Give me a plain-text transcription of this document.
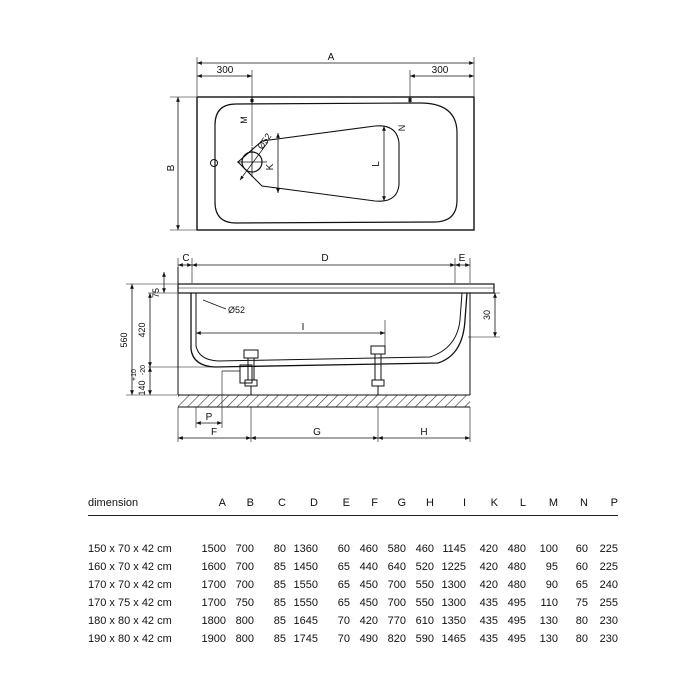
A
300	300
B
M
N
K	L
Ø52
C	D	E
75
420
560
140
+10 -20
30
Ø52
I
P
F	G	H
dimension	A	B	C	D	E	F	G	H	I	K	L	M	N	P
150 x 70 x 42 cm	1500	700	80	1360	60	460	580	460	1145	420	480	100	60	225
160 x 70 x 42 cm	1600	700	85	1450	65	440	640	520	1225	420	480	95	60	225
170 x 70 x 42 cm	1700	700	85	1550	65	450	700	550	1300	420	480	90	65	240
170 x 75 x 42 cm	1700	750	85	1550	65	450	700	550	1300	435	495	110	75	255
180 x 80 x 42 cm	1800	800	85	1645	70	420	770	610	1350	435	495	130	80	230
190 x 80 x 42 cm	1900	800	85	1745	70	490	820	590	1465	435	495	130	80	230
